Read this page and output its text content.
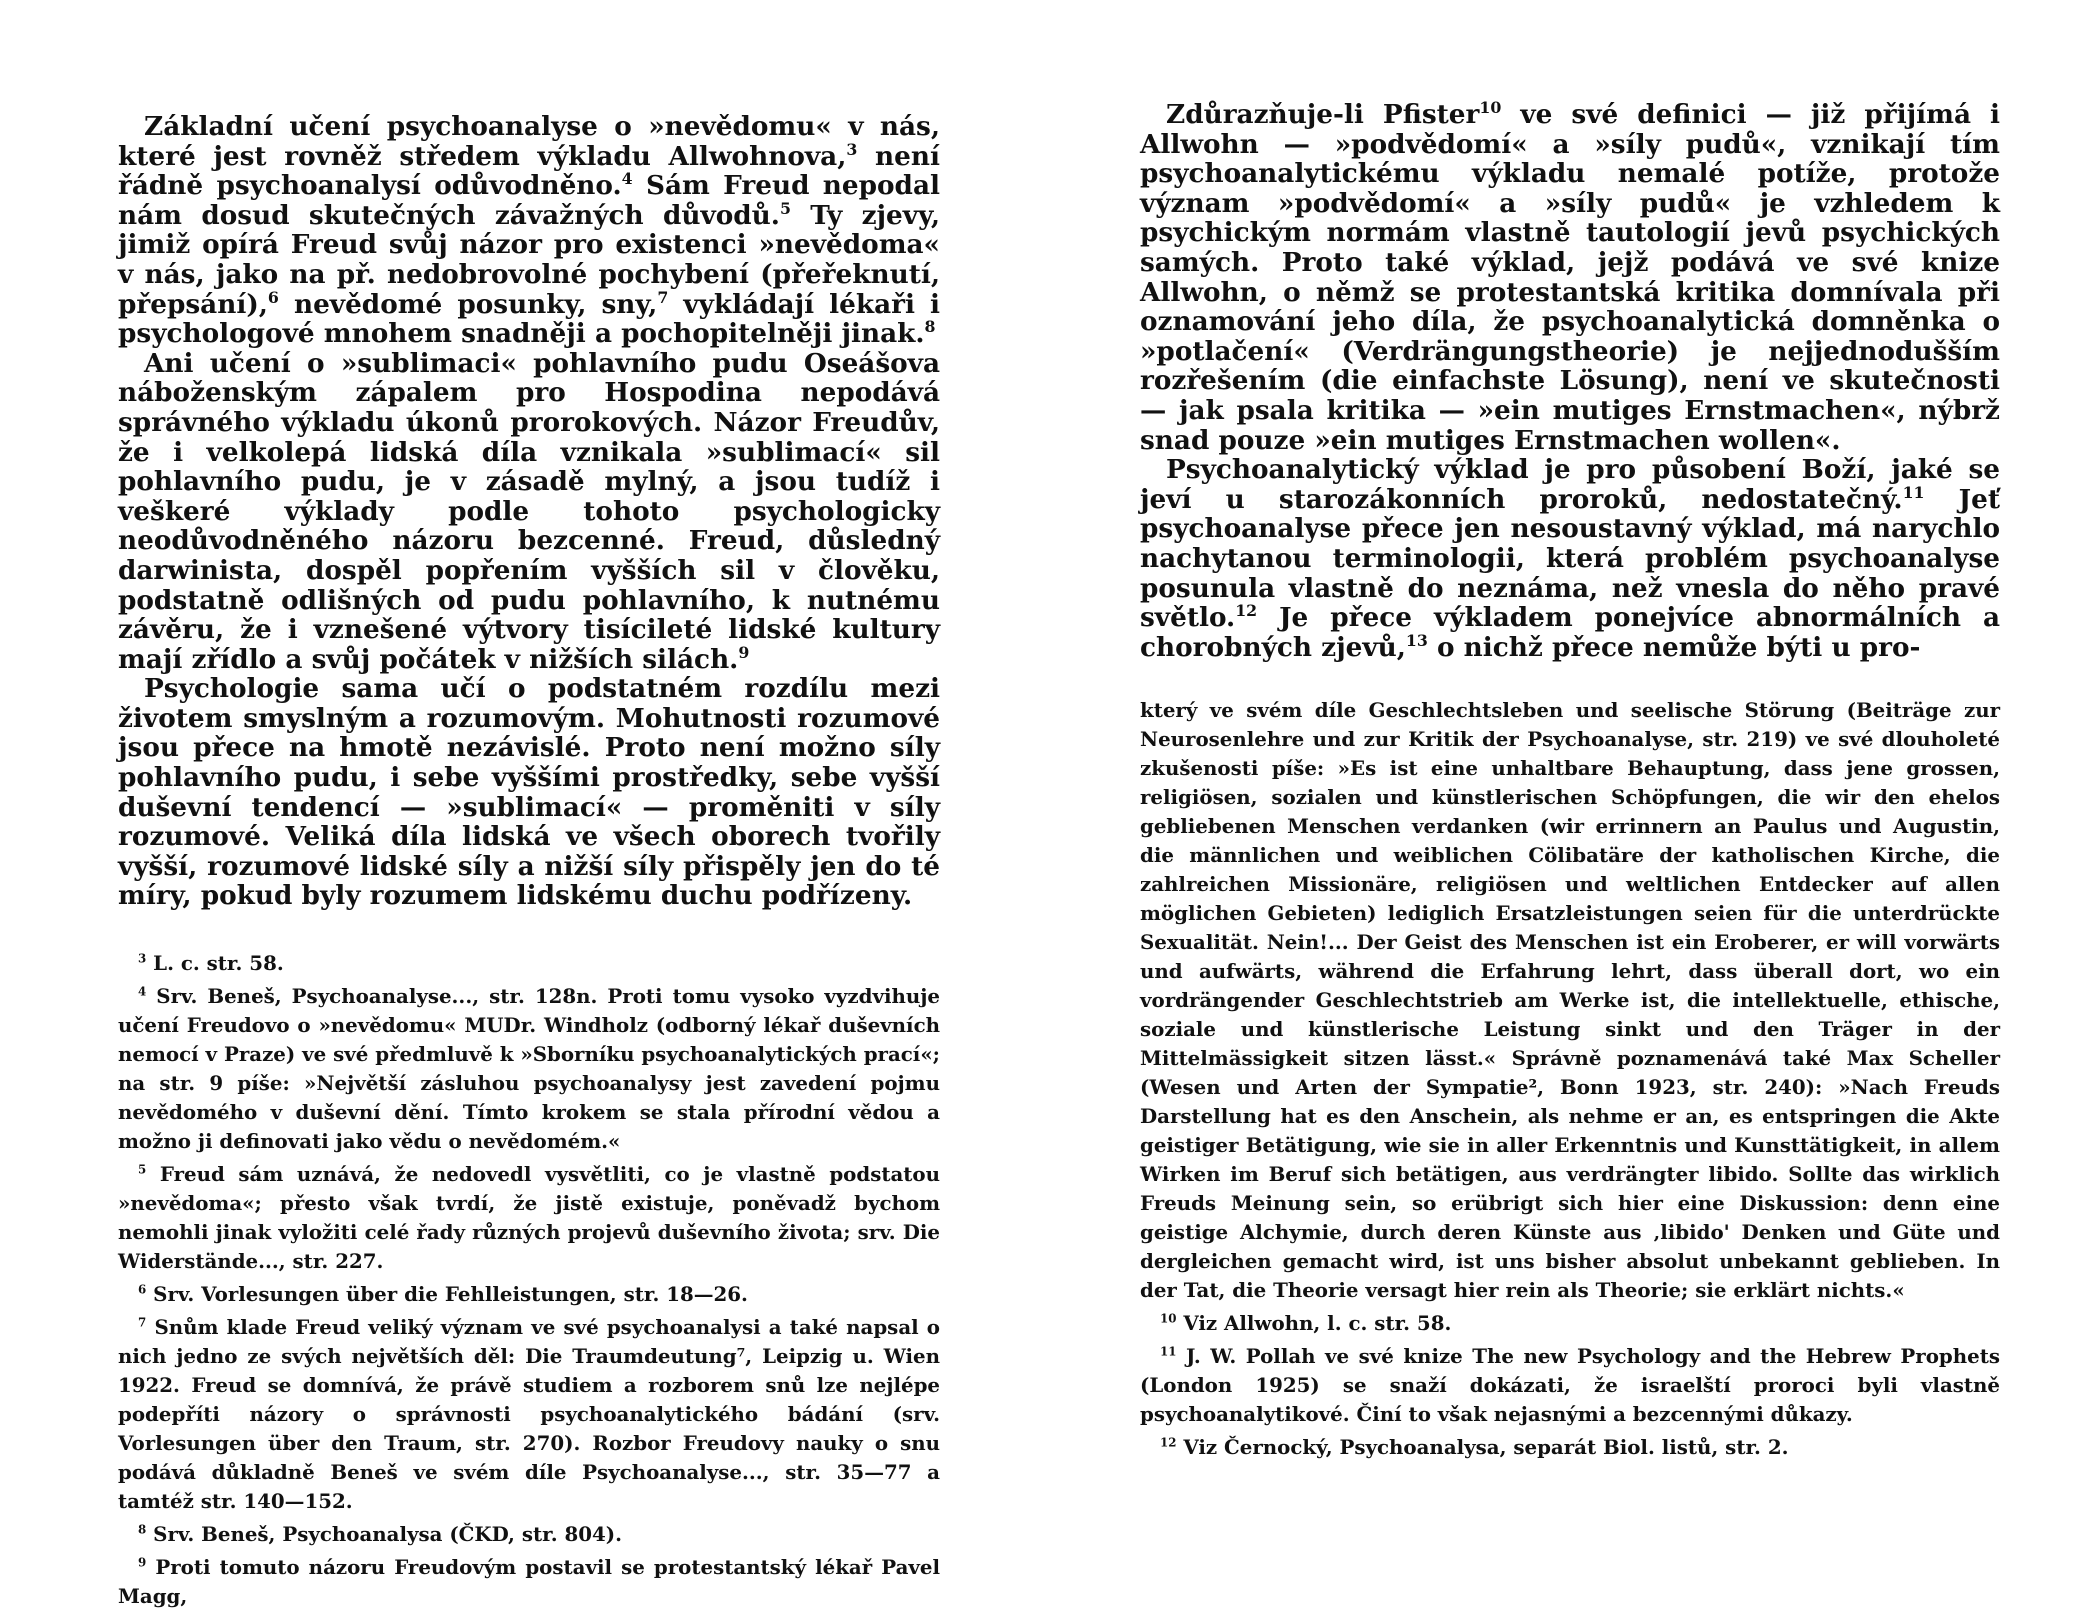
Základní učení psychoanalyse o »nevědomu« v nás, které jest rovněž středem výkladu Allwohnova,$^3$ není řádně psychoanalysí odůvodněno.$^4$ Sám Freud nepodal nám dosud skutečných závažných důvodů.$^5$ Ty zjevy, jimiž opírá Freud svůj názor pro existenci »nevědoma« v nás, jako na př. nedobrovolné pochybení (přeřeknutí, přepsání),$^6$ nevědomé posunky, sny,$^7$ vykládají lékaři i psychologové mnohem snadněji a pochopitelněji jinak.$^8$

Ani učení o »sublimaci« pohlavního pudu Oseášova náboženským zápalem pro Hospodina nepodává správného výkladu úkonů prorokových. Názor Freudův, že i velkolepá lidská díla vznikala »sublimací« sil pohlavního pudu, je v zásadě mylný, a jsou tudíž i veškeré výklady podle tohoto psychologicky neodůvodněného názoru bezcenné. Freud, důsledný darwinista, dospěl popřením vyšších sil v člověku, podstatně odlišných od pudu pohlavního, k nutnému závěru, že i vznešené výtvory tisícileté lidské kultury mají zřídlo a svůj počátek v nižších silách.$^9$

Psychologie sama učí o podstatném rozdílu mezi životem smyslným a rozumovým. Mohutnosti rozumové jsou přece na hmotě nezávislé. Proto není možno síly pohlavního pudu, i sebe vyššími prostředky, sebe vyšší duševní tendencí — »sublimací« — proměniti v síly rozumové. Veliká díla lidská ve všech oborech tvořily vyšší, rozumové lidské síly a nižší síly přispěly jen do té míry, pokud byly rozumem lidskému duchu podřízeny.

$^3$ L. c. str. 58.

$^4$ Srv. Beneš, Psychoanalyse..., str. 128n. Proti tomu vysoko vyzdvihuje učení Freudovo o »nevědomu« MUDr. Windholz (odborný lékař duševních nemocí v Praze) ve své předmluvě k »Sborníku psychoanalytických prací«; na str. 9 píše: »Největší zásluhou psychoanalysy jest zavedení pojmu nevědomého v duševní dění. Tímto krokem se stala přírodní vědou a možno ji definovati jako vědu o nevědomém.«

$^5$ Freud sám uznává, že nedovedl vysvětliti, co je vlastně podstatou »nevědoma«; přesto však tvrdí, že jistě existuje, poněvadž bychom nemohli jinak vyložiti celé řady různých projevů duševního života; srv. Die Widerstände..., str. 227.

$^6$ Srv. Vorlesungen über die Fehlleistungen, str. 18—26.

$^7$ Snům klade Freud veliký význam ve své psychoanalysi a také napsal o nich jedno ze svých největších děl: Die Traumdeutung⁷, Leipzig u. Wien 1922. Freud se domnívá, že právě studiem a rozborem snů lze nejlépe podepříti názory o správnosti psychoanalytického bádání (srv. Vorlesungen über den Traum, str. 270). Rozbor Freudovy nauky o snu podává důkladně Beneš ve svém díle Psychoanalyse..., str. 35—77 a tamtéž str. 140—152.

$^8$ Srv. Beneš, Psychoanalysa (ČKD, str. 804).

$^9$ Proti tomuto názoru Freudovým postavil se protestantský lékař Pavel Magg,

Zdůrazňuje-li Pfister$^{10}$ ve své definici — již přijímá i Allwohn — »podvědomí« a »síly pudů«, vznikají tím psychoanalytickému výkladu nemalé potíže, protože význam »podvědomí« a »síly pudů« je vzhledem k psychickým normám vlastně tautologií jevů psychických samých. Proto také výklad, jejž podává ve své knize Allwohn, o němž se protestantská kritika domnívala při oznamování jeho díla, že psychoanalytická domněnka o »potlačení« (Verdrängungstheorie) je nejjednodušším rozřešením (die einfachste Lösung), není ve skutečnosti — jak psala kritika — »ein mutiges Ernstmachen«, nýbrž snad pouze »ein mutiges Ernstmachen wollen«.

Psychoanalytický výklad je pro působení Boží, jaké se jeví u starozákonních proroků, nedostatečný.$^{11}$ Jeť psychoanalyse přece jen nesoustavný výklad, má narychlo nachytanou terminologii, která problém psychoanalyse posunula vlastně do neznáma, než vnesla do něho pravé světlo.$^{12}$ Je přece výkladem ponejvíce abnormálních a chorobných zjevů,$^{13}$ o nichž přece nemůže býti u pro-

který ve svém díle Geschlechtsleben und seelische Störung (Beiträge zur Neurosenlehre und zur Kritik der Psychoanalyse, str. 219) ve své dlouholeté zkušenosti píše: »Es ist eine unhaltbare Behauptung, dass jene grossen, religiösen, sozialen und künstlerischen Schöpfungen, die wir den ehelos gebliebenen Menschen verdanken (wir errinnern an Paulus und Augustin, die männlichen und weiblichen Cölibatäre der katholischen Kirche, die zahlreichen Missionäre, religiösen und weltlichen Entdecker auf allen möglichen Gebieten) lediglich Ersatzleistungen seien für die unterdrückte Sexualität. Nein!... Der Geist des Menschen ist ein Eroberer, er will vorwärts und aufwärts, während die Erfahrung lehrt, dass überall dort, wo ein vordrängender Geschlechtstrieb am Werke ist, die intellektuelle, ethische, soziale und künstlerische Leistung sinkt und den Träger in der Mittelmässigkeit sitzen lässt.« Správně poznamenává také Max Scheller (Wesen und Arten der Sympatie², Bonn 1923, str. 240): »Nach Freuds Darstellung hat es den Anschein, als nehme er an, es entspringen die Akte geistiger Betätigung, wie sie in aller Erkenntnis und Kunsttätigkeit, in allem Wirken im Beruf sich betätigen, aus verdrängter libido. Sollte das wirklich Freuds Meinung sein, so erübrigt sich hier eine Diskussion: denn eine geistige Alchymie, durch deren Künste aus ‚libido' Denken und Güte und dergleichen gemacht wird, ist uns bisher absolut unbekannt geblieben. In der Tat, die Theorie versagt hier rein als Theorie; sie erklärt nichts.«

$^{10}$ Viz Allwohn, l. c. str. 58.

$^{11}$ J. W. Pollah ve své knize The new Psychology and the Hebrew Prophets (London 1925) se snaží dokázati, že israelští proroci byli vlastně psychoanalytikové. Činí to však nejasnými a bezcennými důkazy.

$^{12}$ Viz Černocký, Psychoanalysa, separát Biol. listů, str. 2.
